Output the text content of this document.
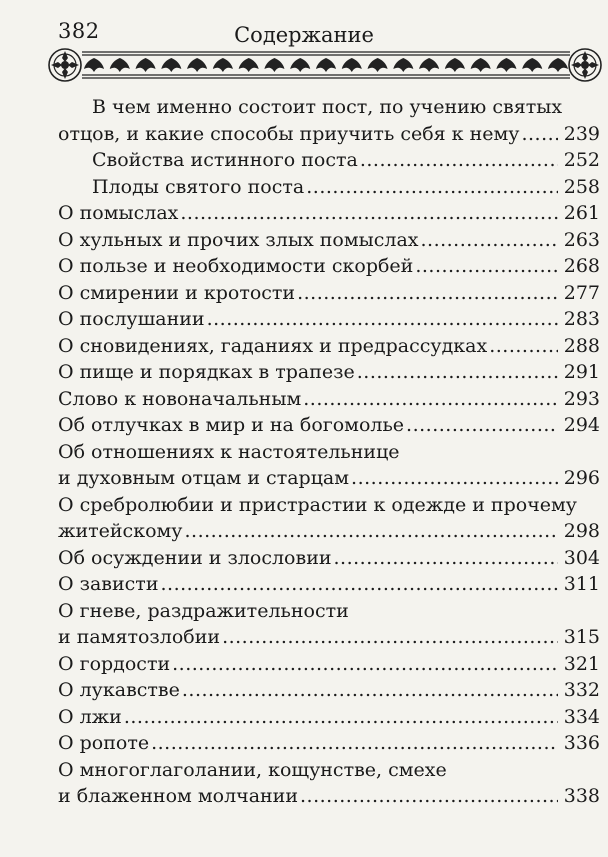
382	Содержание
В чем именно состоит пост, по учению святых
отцов, и какие способы приучить себя к нему ..... 239
Свойства истинного поста .....	252
Плоды святого поста .....	258
О помыслах .....	261
О хульных и прочих злых помыслах .....	263
О пользе и необходимости скорбей .....	268
О смирении и кротости .....	277
О послушании .....	283
О сновидениях, гаданиях и предрассудках .....	288
О пище и порядках в трапезе .....	291
Слово к новоначальным .....	293
Об отлучках в мир и на богомолье .....	294
Об отношениях к настоятельнице
и духовным отцам и старцам .....	296
О сребролюбии и пристрастии к одежде и прочему
житейскому .....	298
Об осуждении и злословии .....	304
О зависти .....	311
О гневе, раздражительности
и памятозлобии .....	315
О гордости .....	321
О лукавстве .....	332
О лжи .....	334
О ропоте .....	336
О многоглаголании, кощунстве, смехе
и блаженном молчании .....	338
